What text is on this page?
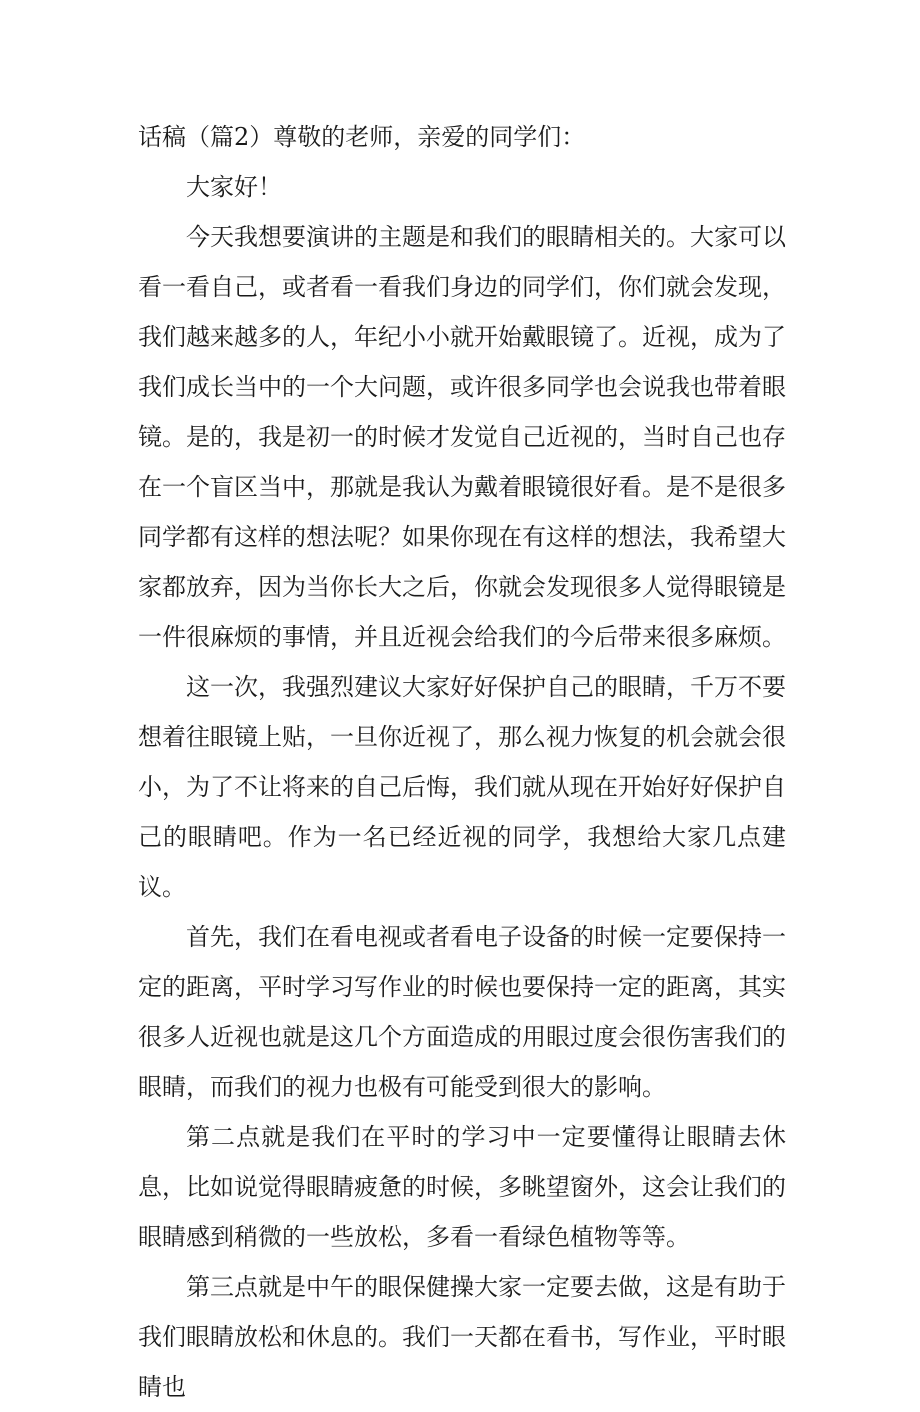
话稿（篇2）尊敬的老师，亲爱的同学们：

大家好！

今天我想要演讲的主题是和我们的眼睛相关的。大家可以看一看自己，或者看一看我们身边的同学们，你们就会发现，我们越来越多的人，年纪小小就开始戴眼镜了。近视，成为了我们成长当中的一个大问题，或许很多同学也会说我也带着眼镜。是的，我是初一的时候才发觉自己近视的，当时自己也存在一个盲区当中，那就是我认为戴着眼镜很好看。是不是很多同学都有这样的想法呢？如果你现在有这样的想法，我希望大家都放弃，因为当你长大之后，你就会发现很多人觉得眼镜是一件很麻烦的事情，并且近视会给我们的今后带来很多麻烦。

这一次，我强烈建议大家好好保护自己的眼睛，千万不要想着往眼镜上贴，一旦你近视了，那么视力恢复的机会就会很小，为了不让将来的自己后悔，我们就从现在开始好好保护自己的眼睛吧。作为一名已经近视的同学，我想给大家几点建议。

首先，我们在看电视或者看电子设备的时候一定要保持一定的距离，平时学习写作业的时候也要保持一定的距离，其实很多人近视也就是这几个方面造成的用眼过度会很伤害我们的眼睛，而我们的视力也极有可能受到很大的影响。

第二点就是我们在平时的学习中一定要懂得让眼睛去休息，比如说觉得眼睛疲惫的时候，多眺望窗外，这会让我们的眼睛感到稍微的一些放松，多看一看绿色植物等等。

第三点就是中午的眼保健操大家一定要去做，这是有助于我们眼睛放松和休息的。我们一天都在看书，写作业，平时眼睛也
